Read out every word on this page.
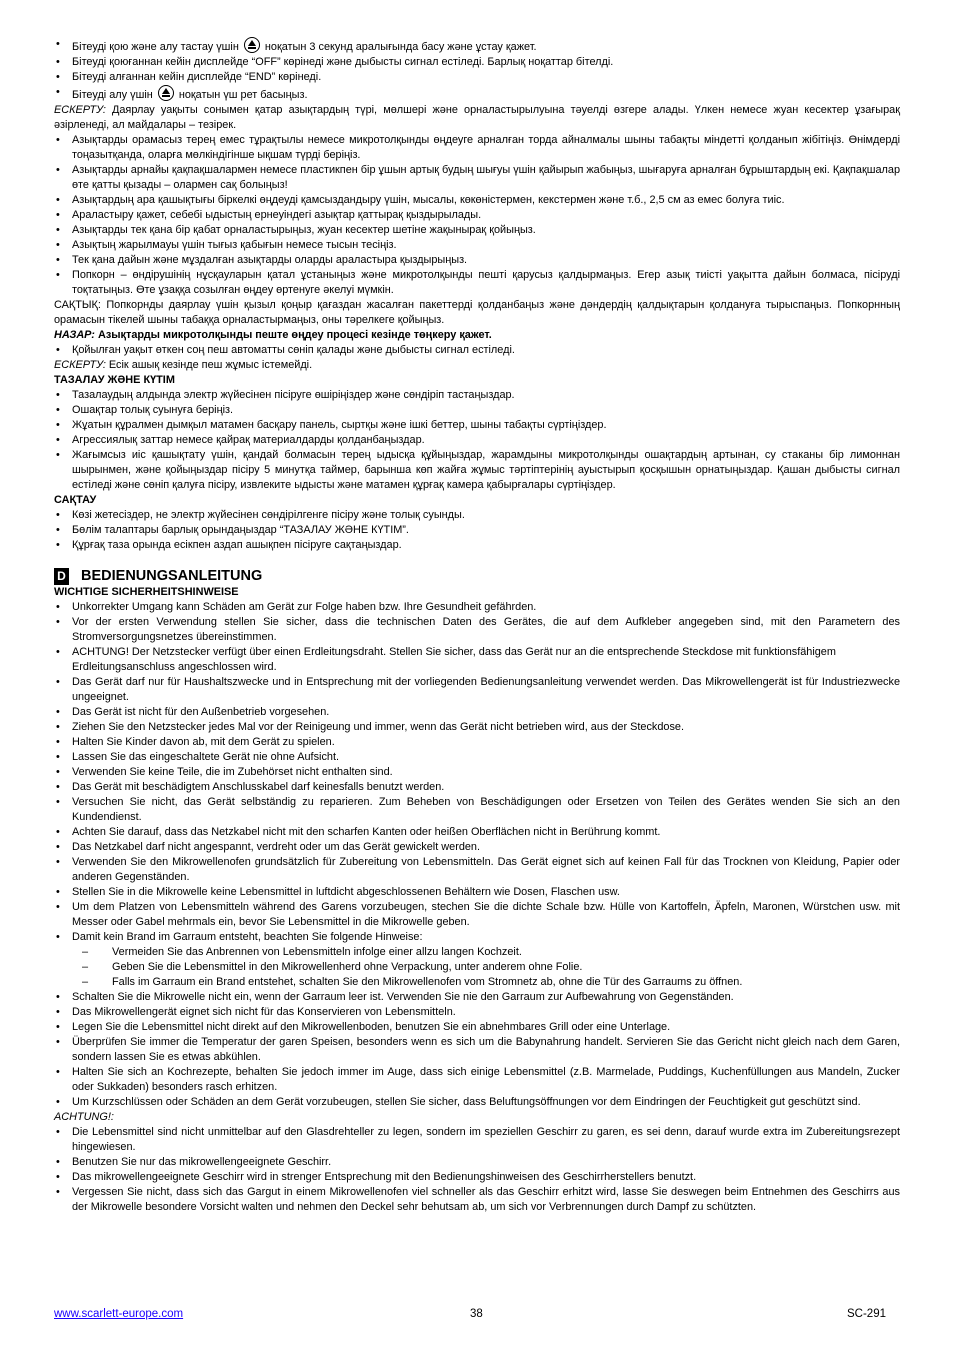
• Бітеуді қою және алу тастау үшін ноқатын 3 секунд аралығында басу және ұстау қажет.
• Бітеуді қоюғаннан кейін дисплейде “OFF” көрінеді және дыбысты сигнал естіледі. Барлық ноқаттар бітелді.
• Бітеуді алғаннан кейін дисплейде “END” көрінеді.
• Бітеуді алу үшін ноқатын үш рет басыңыз.
ЕСКЕРТУ: Даярлау уақыты сонымен қатар азықтардың түрі, мөлшері және орналастырылуына тәуелді өзгере алады. Үлкен немесе жуан кесектер ұзағырақ әзірленеді, ал майдалары – тезірек.
• Азықтарды орамасыз терең емес тұрақтылы немесе микротолқынды өңдеуге арналған торда айналмалы шыны табақты міндетті қолданып жібітіңіз. Өнімдерді тоңазытқанда, оларға мөлкіндігінше ықшам түрді беріңіз.
• Азықтарды арнайы қақпақшалармен немесе пластикпен бір ұшын артық будың шығуы үшін қайырып жабыңыз, шығаруға арналған бұрыштардың екі. Қақпақшалар өте қатты қызады – олармен сақ болыңыз!
• Азықтардың ара қашықтығы біркелкі өңдеуді қамсыздандыру үшін, мысалы, көкөністермен, кекстермен және т.б., 2,5 см аз емес болуға тиіс.
• Араластыру қажет, себебі ыдыстың ернеуіндегі азықтар қаттырақ қыздырылады.
• Азықтарды тек қана бір қабат орналастырыңыз, жуан кесектер шетіне жақынырақ қойыңыз.
• Азықтың жарылмауы үшін тығыз қабығын немесе тысын тесіңіз.
• Тек қана дайын және мұздалған азықтарды оларды араластыра қыздырыңыз.
• Попкорн – өндірушінің нұсқауларын қатал ұстаныңыз және микротолқынды пешті қарусыз қалдырмаңыз. Егер азық тиісті уақытта дайын болмаса, пісіруді тоқтатыңыз. Өте ұзаққа созылған өңдеу өртенуге әкелуі мүмкін.
САҚТЫҚ: Попкорнды даярлау үшін қызыл қоңыр қағаздан жасалған пакеттерді қолданбаңыз және дәндердің қалдықтарын қолдануға тырыспаңыз. Попкорнның орамасын тікелей шыны табаққа орналастырмаңыз, оны тәрелкеге қойыңыз.
НАЗАР: Азықтарды микротолқынды пеште өңдеу процесі кезінде төңкеру қажет.
• Қойылған уақыт өткен соң пеш автоматты сөніп қалады және дыбысты сигнал естіледі.
ЕСКЕРТУ: Есік ашық кезінде пеш жұмыс істемейді.
ТАЗАЛАУ ЖӘНЕ КҮТІМ
• Тазалаудың алдында электр жүйесінен пісіруге өшіріңіздер және сөндіріп тастаңыздар.
• Ошақтар толық суынуға беріңіз.
• Жұатын құралмен дымқыл матамен басқару панель, сыртқы және ішкі беттер, шыны табақты сүртіңіздер.
• Агрессиялық заттар немесе қайрақ материалдарды қолданбаңыздар.
• Жағымсыз иіс қашықтату үшін, қандай болмасын терең ыдысқа құйыңыздар, жарамдыны микротолқынды ошақтардың артынан, су стаканы бір лимоннан шырынмен, және қойыңыздар пісіру 5 минутқа таймер, барынша көп жайға жұмыс тәртіптерінің ауыстырып қосқышын орнатыңыздар. Қашан дыбысты сигнал естіледі және сөніп қалуға пісіру, извлеките ыдысты және матамен құрғақ камера қабырғалары сүртіңіздер.
САҚТАУ
• Көзі жетесіздер, не электр жүйесінен сөндірілгенге пісіру және толық суынды.
• Бөлім талаптары барлық орындаңыздар “ТАЗАЛАУ ЖӘНЕ КҮТІМ”.
• Құрғақ таза орында есікпен аздап ашықпен пісіруге сақтаңыздар.
D BEDIENUNGSANLEITUNG
WICHTIGE SICHERHEITSHINWEISE
• Unkorrekter Umgang kann Schäden am Gerät zur Folge haben bzw. Ihre Gesundheit gefährden.
• Vor der ersten Verwendung stellen Sie sicher, dass die technischen Daten des Gerätes, die auf dem Aufkleber angegeben sind, mit den Parametern des Stromversorgungsnetzes übereinstimmen.
• ACHTUNG! Der Netzstecker verfügt über einen Erdleitungsdraht. Stellen Sie sicher, dass das Gerät nur an die entsprechende Steckdose mit funktionsfähigem
Erdleitungsanschluss angeschlossen wird.
• Das Gerät darf nur für Haushaltszwecke und in Entsprechung mit der vorliegenden Bedienungsanleitung verwendet werden. Das Mikrowellengerät ist für Industriezwecke ungeeignet.
• Das Gerät ist nicht für den Außenbetrieb vorgesehen.
• Ziehen Sie den Netzstecker jedes Mal vor der Reinigeung und immer, wenn das Gerät nicht betrieben wird, aus der Steckdose.
• Halten Sie Kinder davon ab, mit dem Gerät zu spielen.
• Lassen Sie das eingeschaltete Gerät nie ohne Aufsicht.
• Verwenden Sie keine Teile, die im Zubehörset nicht enthalten sind.
• Das Gerät mit beschädigtem Anschlusskabel darf keinesfalls benutzt werden.
• Versuchen Sie nicht, das Gerät selbständig zu reparieren. Zum Beheben von Beschädigungen oder Ersetzen von Teilen des Gerätes wenden Sie sich an den Kundendienst.
• Achten Sie darauf, dass das Netzkabel nicht mit den scharfen Kanten oder heißen Oberflächen nicht in Berührung kommt.
• Das Netzkabel darf nicht angespannt, verdreht oder um das Gerät gewickelt werden.
• Verwenden Sie den Mikrowellenofen grundsätzlich für Zubereitung von Lebensmitteln. Das Gerät eignet sich auf keinen Fall für das Trocknen von Kleidung, Papier oder anderen Gegenständen.
• Stellen Sie in die Mikrowelle keine Lebensmittel in luftdicht abgeschlossenen Behältern wie Dosen, Flaschen usw.
• Um dem Platzen von Lebensmitteln während des Garens vorzubeugen, stechen Sie die dichte Schale bzw. Hülle von Kartoffeln, Äpfeln, Maronen, Würstchen usw. mit Messer oder Gabel mehrmals ein, bevor Sie Lebensmittel in die Mikrowelle geben.
• Damit kein Brand im Garraum entsteht, beachten Sie folgende Hinweise:
– Vermeiden Sie das Anbrennen von Lebensmitteln infolge einer allzu langen Kochzeit.
– Geben Sie die Lebensmittel in den Mikrowellenherd ohne Verpackung, unter anderem ohne Folie.
– Falls im Garraum ein Brand entstehet, schalten Sie den Mikrowellenofen vom Stromnetz ab, ohne die Tür des Garraums zu öffnen.
• Schalten Sie die Mikrowelle nicht ein, wenn der Garraum leer ist. Verwenden Sie nie den Garraum zur Aufbewahrung von Gegenständen.
• Das Mikrowellengerät eignet sich nicht für das Konservieren von Lebensmitteln.
• Legen Sie die Lebensmittel nicht direkt auf den Mikrowellenboden, benutzen Sie ein abnehmbares Grill oder eine Unterlage.
• Überprüfen Sie immer die Temperatur der garen Speisen, besonders wenn es sich um die Babynahrung handelt. Servieren Sie das Gericht nicht gleich nach dem Garen, sondern lassen Sie es etwas abkühlen.
• Halten Sie sich an Kochrezepte, behalten Sie jedoch immer im Auge, dass sich einige Lebensmittel (z.B. Marmelade, Puddings, Kuchenfüllungen aus Mandeln, Zucker oder Sukkaden) besonders rasch erhitzen.
• Um Kurzschlüssen oder Schäden an dem Gerät vorzubeugen, stellen Sie sicher, dass Beluftungsöffnungen vor dem Eindringen der Feuchtigkeit gut geschützt sind.
ACHTUNG!:
• Die Lebensmittel sind nicht unmittelbar auf den Glasdrehteller zu legen, sondern im speziellen Geschirr zu garen, es sei denn, darauf wurde extra im Zubereitungsrezept hingewiesen.
• Benutzen Sie nur das mikrowellengeeignete Geschirr.
• Das mikrowellengeeignete Geschirr wird in strenger Entsprechung mit den Bedienungshinweisen des Geschirrherstellers benutzt.
• Vergessen Sie nicht, dass sich das Gargut in einem Mikrowellenofen viel schneller als das Geschirr erhitzt wird, lasse Sie deswegen beim Entnehmen des Geschirrs aus der Mikrowelle besondere Vorsicht walten und nehmen den Deckel sehr behutsam ab, um sich vor Verbrennungen durch Dampf zu schützten.
www.scarlett-europe.com	38	SC-291
